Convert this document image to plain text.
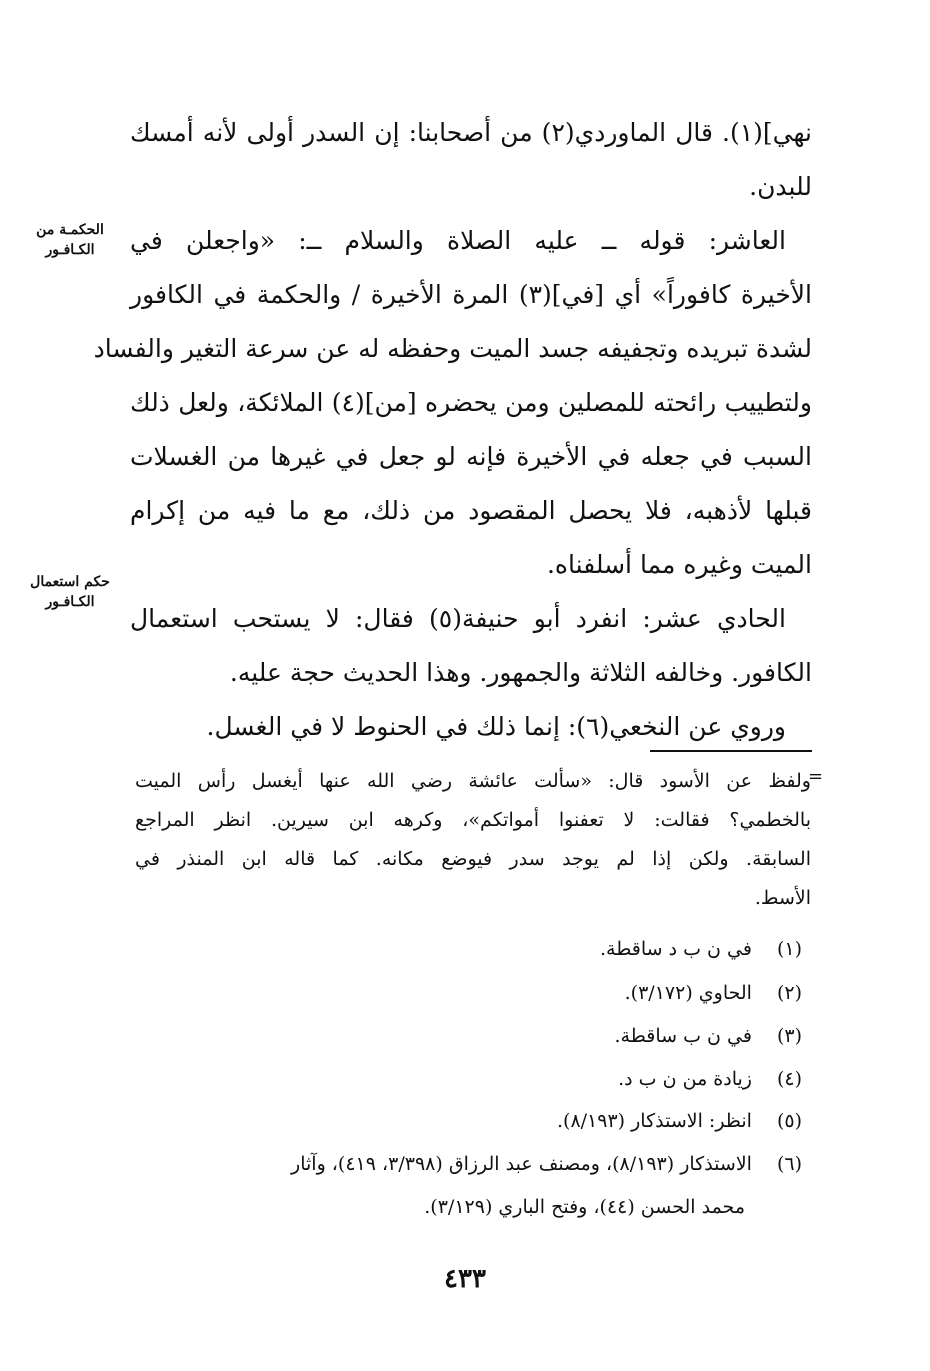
نهي](١). قال الماوردي(٢) من أصحابنا: إن السدر أولى لأنه أمسك
للبدن.
العاشر: قوله ــ عليه الصلاة والسلام ــ: «واجعلن في
الأخيرة كافوراً» أي [في](٣) المرة الأخيرة / والحكمة في الكافور
لشدة تبريده وتجفيفه جسد الميت وحفظه له عن سرعة التغير والفساد
ولتطييب رائحته للمصلين ومن يحضره [من](٤) الملائكة، ولعل ذلك
السبب في جعله في الأخيرة فإنه لو جعل في غيرها من الغسلات
قبلها لأذهبه، فلا يحصل المقصود من ذلك، مع ما فيه من إكرام
الميت وغيره مما أسلفناه.
الحادي عشر: انفرد أبو حنيفة(٥) فقال: لا يستحب استعمال
الكافور. وخالفه الثلاثة والجمهور. وهذا الحديث حجة عليه.
وروي عن النخعي(٦): إنما ذلك في الحنوط لا في الغسل.
الحكمـة من
الكـافـور
حكم استعمال
الكـافـور
=
ولفظ عن الأسود قال: «سألت عائشة رضي الله عنها أيغسل رأس الميت
بالخطمي؟ فقالت: لا تعفنوا أمواتكم»، وكرهه ابن سيرين. انظر المراجع
السابقة. ولكن إذا لم يوجد سدر فيوضع مكانه. كما قاله ابن المنذر في
الأسط.
(١) في ن ب د ساقطة.
(٢) الحاوي (٣/١٧٢).
(٣) في ن ب ساقطة.
(٤) زيادة من ن ب د.
(٥) انظر: الاستذكار (٨/١٩٣).
(٦) الاستذكار (٨/١٩٣)، ومصنف عبد الرزاق (٣/٣٩٨، ٤١٩)، وآثار
محمد الحسن (٤٤)، وفتح الباري (٣/١٢٩).
٤٣٣
